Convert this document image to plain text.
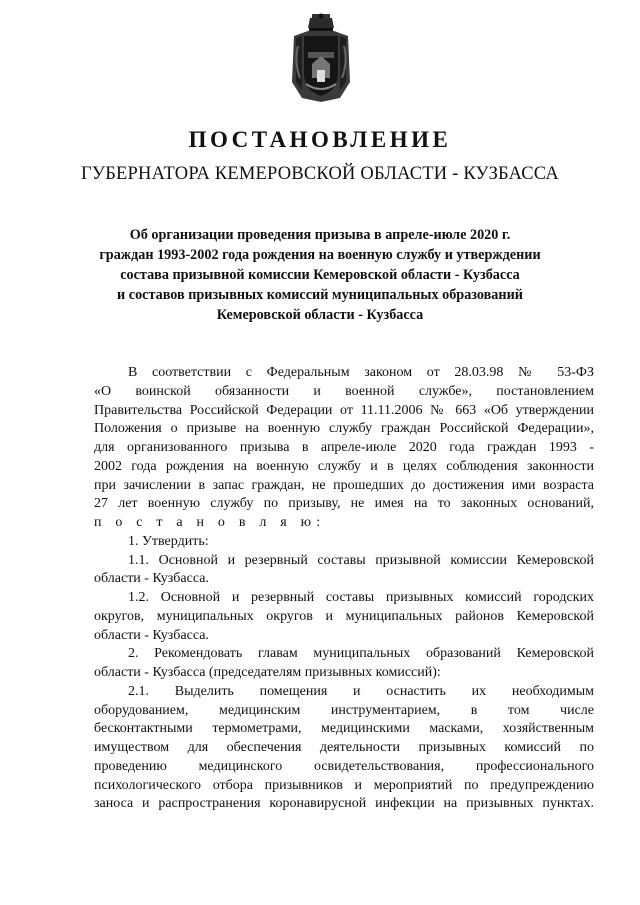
ПОСТАНОВЛЕНИЕ
ГУБЕРНАТОРА КЕМЕРОВСКОЙ ОБЛАСТИ - КУЗБАССА
Об организации проведения призыва в апреле-июле 2020 г.
граждан 1993-2002 года рождения на военную службу и утверждении
состава призывной комиссии Кемеровской области - Кузбасса
и составов призывных комиссий муниципальных образований
Кемеровской области - Кузбасса
В соответствии с Федеральным законом от 28.03.98 № 53-ФЗ
«О воинской обязанности и военной службе», постановлением
Правительства Российской Федерации от 11.11.2006 № 663 «Об утверждении
Положения о призыве на военную службу граждан Российской Федерации»,
для организованного призыва в апреле-июле 2020 года граждан 1993 -
2002 года рождения на военную службу и в целях соблюдения законности
при зачислении в запас граждан, не прошедших до достижения ими возраста
27 лет военную службу по призыву, не имея на то законных оснований,
п о с т а н о в л я ю:
1. Утвердить:
1.1. Основной и резервный составы призывной комиссии Кемеровской
области - Кузбасса.
1.2. Основной и резервный составы призывных комиссий городских
округов, муниципальных округов и муниципальных районов Кемеровской
области - Кузбасса.
2. Рекомендовать главам муниципальных образований Кемеровской
области - Кузбасса (председателям призывных комиссий):
2.1. Выделить помещения и оснастить их необходимым
оборудованием, медицинским инструментарием, в том числе
бесконтактными термометрами, медицинскими масками, хозяйственным
имуществом для обеспечения деятельности призывных комиссий по
проведению медицинского освидетельствования, профессионального
психологического отбора призывников и мероприятий по предупреждению
заноса и распространения коронавирусной инфекции на призывных пунктах.
